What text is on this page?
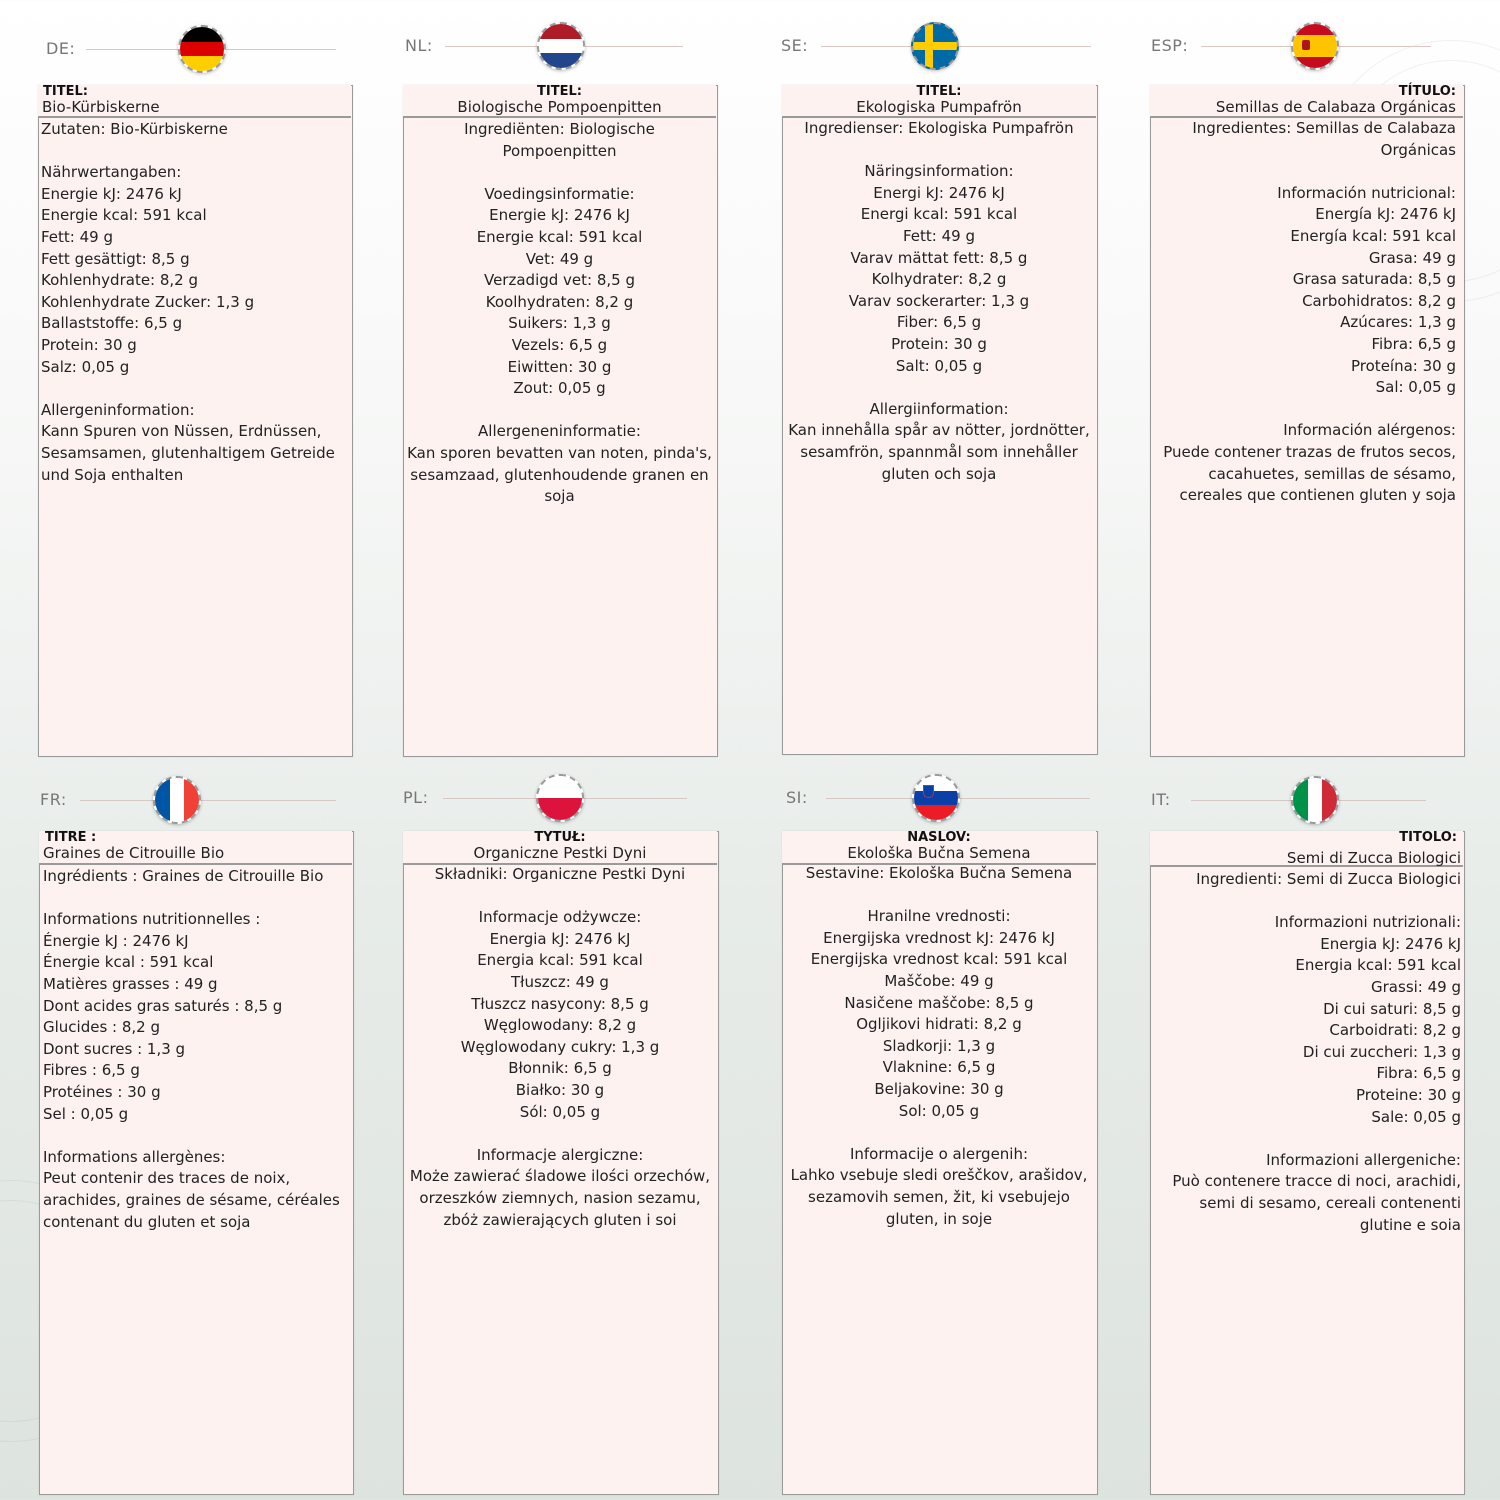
DE:
TITEL:
Bio-Kürbiskerne
Zutaten: Bio-Kürbiskerne

Nährwertangaben:
Energie kJ: 2476 kJ
Energie kcal: 591 kcal
Fett: 49 g
Fett gesättigt: 8,5 g
Kohlenhydrate: 8,2 g
Kohlenhydrate Zucker: 1,3 g
Ballaststoffe: 6,5 g
Protein: 30 g
Salz: 0,05 g

Allergeninformation:
Kann Spuren von Nüssen, Erdnüssen, Sesamsamen, glutenhaltigem Getreide und Soja enthalten
NL:
TITEL:
Biologische Pompoenpitten
Ingrediënten: Biologische Pompoenpitten

Voedingsinformatie:
Energie kJ: 2476 kJ
Energie kcal: 591 kcal
Vet: 49 g
Verzadigd vet: 8,5 g
Koolhydraten: 8,2 g
Suikers: 1,3 g
Vezels: 6,5 g
Eiwitten: 30 g
Zout: 0,05 g

Allergeneninformatie:
Kan sporen bevatten van noten, pinda's, sesamzaad, glutenhoudende granen en soja
SE:
TITEL:
Ekologiska Pumpafrön
Ingredienser: Ekologiska Pumpafrön

Näringsinformation:
Energi kJ: 2476 kJ
Energi kcal: 591 kcal
Fett: 49 g
Varav mättat fett: 8,5 g
Kolhydrater: 8,2 g
Varav sockerarter: 1,3 g
Fiber: 6,5 g
Protein: 30 g
Salt: 0,05 g

Allergiinformation:
Kan innehålla spår av nötter, jordnötter, sesamfrön, spannmål som innehåller gluten och soja
ESP:
TÍTULO:
Semillas de Calabaza Orgánicas
Ingredientes: Semillas de Calabaza Orgánicas

Información nutricional:
Energía kJ: 2476 kJ
Energía kcal: 591 kcal
Grasa: 49 g
Grasa saturada: 8,5 g
Carbohidratos: 8,2 g
Azúcares: 1,3 g
Fibra: 6,5 g
Proteína: 30 g
Sal: 0,05 g

Información alérgenos:
Puede contener trazas de frutos secos, cacahuetes, semillas de sésamo, cereales que contienen gluten y soja
FR:
TITRE :
Graines de Citrouille Bio
Ingrédients : Graines de Citrouille Bio

Informations nutritionnelles :
Énergie kJ : 2476 kJ
Énergie kcal : 591 kcal
Matières grasses : 49 g
Dont acides gras saturés : 8,5 g
Glucides : 8,2 g
Dont sucres : 1,3 g
Fibres : 6,5 g
Protéines : 30 g
Sel : 0,05 g

Informations allergènes:
Peut contenir des traces de noix, arachides, graines de sésame, céréales contenant du gluten et soja
PL:
TYTUŁ:
Organiczne Pestki Dyni
Składniki: Organiczne Pestki Dyni

Informacje odżywcze:
Energia kJ: 2476 kJ
Energia kcal: 591 kcal
Tłuszcz: 49 g
Tłuszcz nasycony: 8,5 g
Węglowodany: 8,2 g
Węglowodany cukry: 1,3 g
Błonnik: 6,5 g
Białko: 30 g
Sól: 0,05 g

Informacje alergiczne:
Może zawierać śladowe ilości orzechów, orzeszków ziemnych, nasion sezamu, zbóż zawierających gluten i soi
SI:
NASLOV:
Ekološka Bučna Semena
Sestavine: Ekološka Bučna Semena

Hranilne vrednosti:
Energijska vrednost kJ: 2476 kJ
Energijska vrednost kcal: 591 kcal
Maščobe: 49 g
Nasičene maščobe: 8,5 g
Ogljikovi hidrati: 8,2 g
Sladkorji: 1,3 g
Vlaknine: 6,5 g
Beljakovine: 30 g
Sol: 0,05 g

Informacije o alergenih:
Lahko vsebuje sledi oreščkov, arašidov, sezamovih semen, žit, ki vsebujejo gluten, in soje
IT:
TITOLO:
Semi di Zucca Biologici
Ingredienti: Semi di Zucca Biologici

Informazioni nutrizionali:
Energia kJ: 2476 kJ
Energia kcal: 591 kcal
Grassi: 49 g
Di cui saturi: 8,5 g
Carboidrati: 8,2 g
Di cui zuccheri: 1,3 g
Fibra: 6,5 g
Proteine: 30 g
Sale: 0,05 g

Informazioni allergeniche:
Può contenere tracce di noci, arachidi, semi di sesamo, cereali contenenti glutine e soia
